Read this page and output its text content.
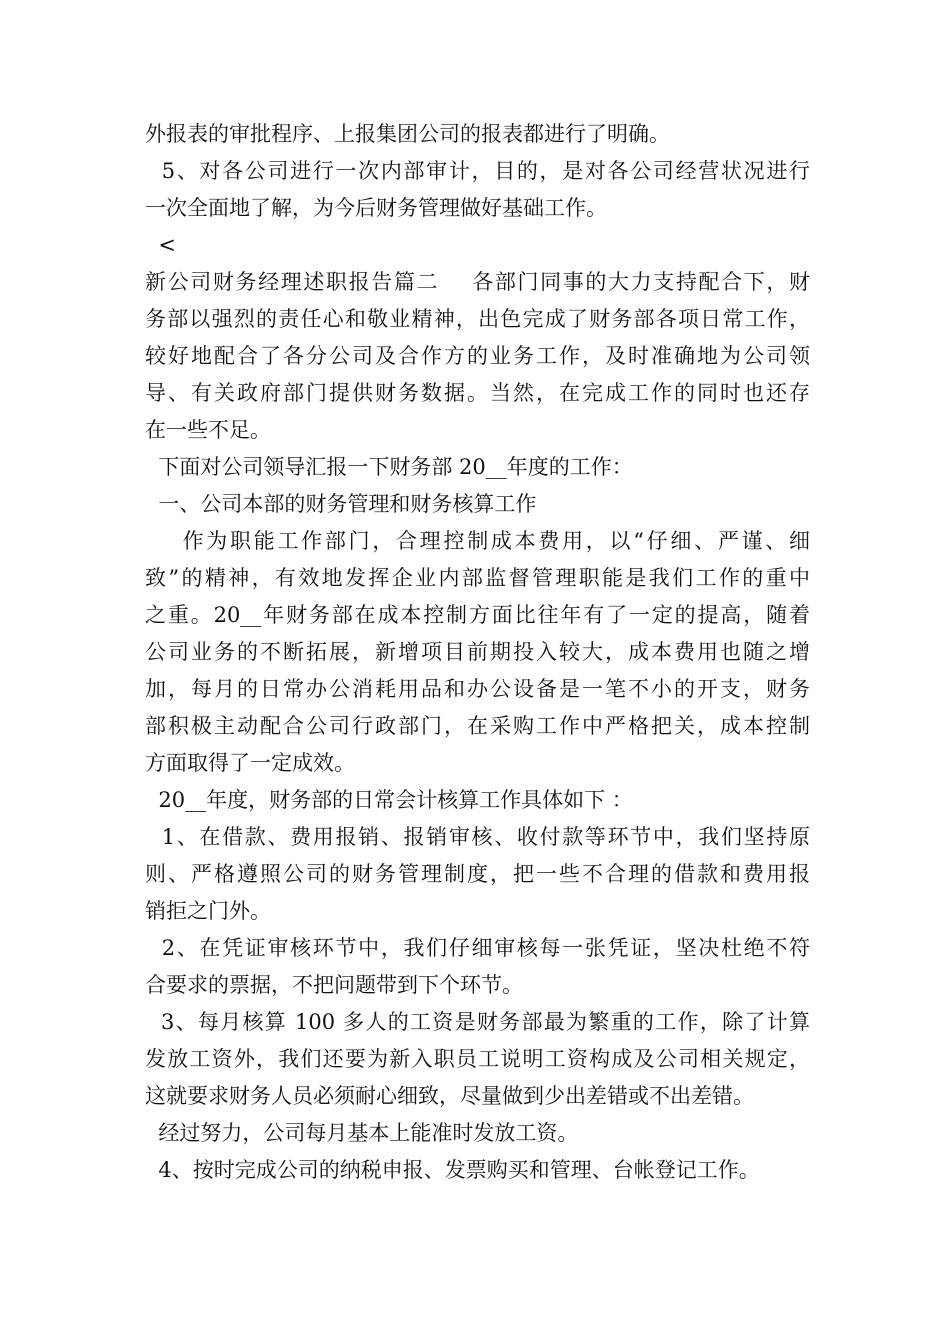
外报表的审批程序、上报集团公司的报表都进行了明确。
5、对各公司进行一次内部审计，目的，是对各公司经营状况进行
一次全面地了解，为今后财务管理做好基础工作。
<
新公司财务经理述职报告篇二    各部门同事的大力支持配合下，财
务部以强烈的责任心和敬业精神，出色完成了财务部各项日常工作，
较好地配合了各分公司及合作方的业务工作，及时准确地为公司领
导、有关政府部门提供财务数据。当然，在完成工作的同时也还存
在一些不足。
下面对公司领导汇报一下财务部 20__年度的工作：
一、公司本部的财务管理和财务核算工作
作为职能工作部门，合理控制成本费用，以“仔细、严谨、细
致”的精神，有效地发挥企业内部监督管理职能是我们工作的重中
之重。20__年财务部在成本控制方面比往年有了一定的提高，随着
公司业务的不断拓展，新增项目前期投入较大，成本费用也随之增
加，每月的日常办公消耗用品和办公设备是一笔不小的开支，财务
部积极主动配合公司行政部门，在采购工作中严格把关，成本控制
方面取得了一定成效。
20__年度，财务部的日常会计核算工作具体如下 ：
1、在借款、费用报销、报销审核、收付款等环节中，我们坚持原
则、严格遵照公司的财务管理制度，把一些不合理的借款和费用报
销拒之门外。
2、在凭证审核环节中，我们仔细审核每一张凭证，坚决杜绝不符
合要求的票据，不把问题带到下个环节。
3、每月核算 100 多人的工资是财务部最为繁重的工作，除了计算
发放工资外，我们还要为新入职员工说明工资构成及公司相关规定，
这就要求财务人员必须耐心细致，尽量做到少出差错或不出差错。
经过努力，公司每月基本上能准时发放工资。
4、按时完成公司的纳税申报、发票购买和管理、台帐登记工作。
